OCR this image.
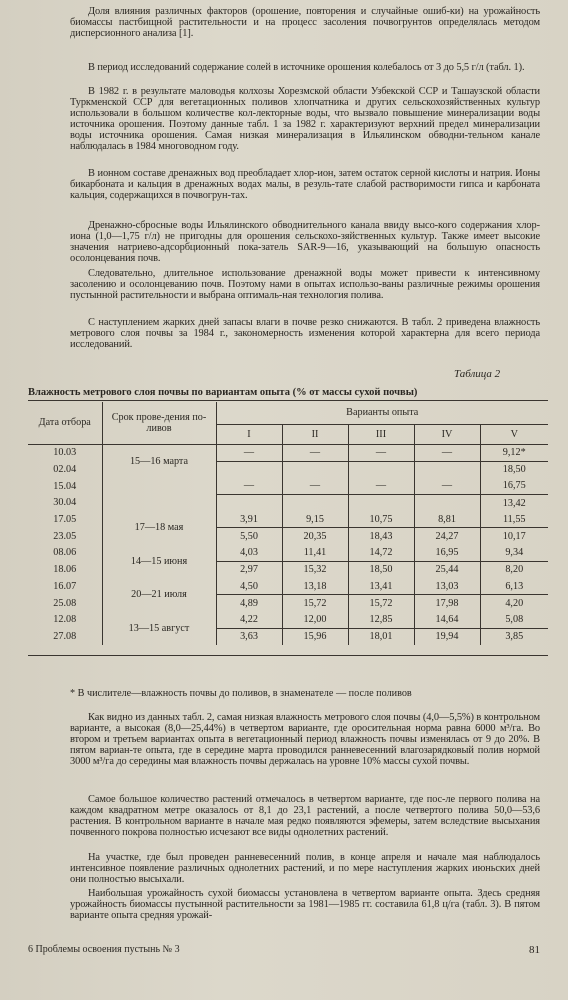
Доля влияния различных факторов (орошение, повторения и случайные ошиб-ки) на урожайность биомассы пастбищной растительности и на процесс засоления почвогрунтов определялась методом дисперсионного анализа [1].

В период исследований содержание солей в источнике орошения колебалось от 3 до 5,5 г/л (табл. 1).

В 1982 г. в результате маловодья колхозы Хорезмской области Узбекской ССР и Ташаузской области Туркменской ССР для вегетационных поливов хлопчатника и других сельскохозяйственных культур использовали в большом количестве кол-лекторные воды, что вызвало повышение минерализации воды источника орошения. Поэтому данные табл. 1 за 1982 г. характеризуют верхний предел минерализации воды источника орошения. Самая низкая минерализация в Ильялинском обводни-тельном канале наблюдалась в 1984 многоводном году.

В ионном составе дренажных вод преобладает хлор-ион, затем остаток серной кислоты и натрия. Ионы бикарбоната и кальция в дренажных водах малы, в резуль-тате слабой растворимости гипса и карбоната кальция, содержащихся в почвогрун-тах.

Дренажно-сбросные воды Ильялинского обводнительного канала ввиду высо-кого содержания хлор-иона (1,0—1,75 г/л) не пригодны для орошения сельскохо-зяйственных культур. Также имеет высокие значения натриево-адсорбционный пока-затель SAR-9—16, указывающий на большую опасность осолонцевания почв.

Следовательно, длительное использование дренажной воды может привести к интенсивному засолению и осолонцеванию почв. Поэтому нами в опытах использо-ваны различные режимы орошения пустынной растительности и выбрана оптималь-ная технология полива.

С наступлением жарких дней запасы влаги в почве резко снижаются. В табл. 2 приведена влажность метрового слоя почвы за 1984 г., закономерность изменения которой характерна для всего периода исследований.

Таблица 2
Влажность метрового слоя почвы по вариантам опыта (% от массы сухой почвы)
Дата отбора	Срок прове-дения по-ливов	Варианты опыта				
		I	II	III	IV	V
10.03	15—16 марта	—	—	—	—	9,12*
02.04						18,50
15.04		—	—	—	—	16,75
30.04						13,42
17.05	17—18 мая	3,91	9,15	10,75	8,81	11,55
23.05		5,50	20,35	18,43	24,27	10,17
08.06	14—15 июня	4,03	11,41	14,72	16,95	9,34
18.06		2,97	15,32	18,50	25,44	8,20
16.07	20—21 июля	4,50	13,18	13,41	13,03	6,13
25.08		4,89	15,72	15,72	17,98	4,20
12.08	13—15 август	4,22	12,00	12,85	14,64	5,08
27.08		3,63	15,96	18,01	19,94	3,85
* В числителе—влажность почвы до поливов, в знаменателе — после поливов

Как видно из данных табл. 2, самая низкая влажность метрового слоя почвы (4,0—5,5%) в контрольном варианте, а высокая (8,0—25,44%) в четвертом варианте, где оросительная норма равна 6000 м³/га. Во втором и третьем вариантах опыта в вегетационный период влажность почвы изменялась от 9 до 20%. В пятом вариан-те опыта, где в середине марта проводился ранневесенний влагозарядковый полив нормой 3000 м³/га до середины мая влажность почвы держалась на уровне 10% массы сухой почвы.

Самое большое количество растений отмечалось в четвертом варианте, где пос-ле первого полива на каждом квадратном метре оказалось от 8,1 до 23,1 растений, а после четвертого полива 50,0—53,6 растения. В контрольном варианте в начале мая редко появляются эфемеры, затем вследствие высыхания почвенного покрова полностью исчезают все виды однолетних растений.

На участке, где был проведен ранневесенний полив, в конце апреля и начале мая наблюдалось интенсивное появление различных однолетних растений, и по мере наступления жарких июньских дней они полностью высыхали.

Наибольшая урожайность сухой биомассы установлена в четвертом варианте опыта. Здесь средняя урожайность биомассы пустынной растительности за 1981—1985 гг. составила 61,8 ц/га (табл. 3). В пятом варианте опыта средняя урожай-

6 Проблемы освоения пустынь № 3	81
